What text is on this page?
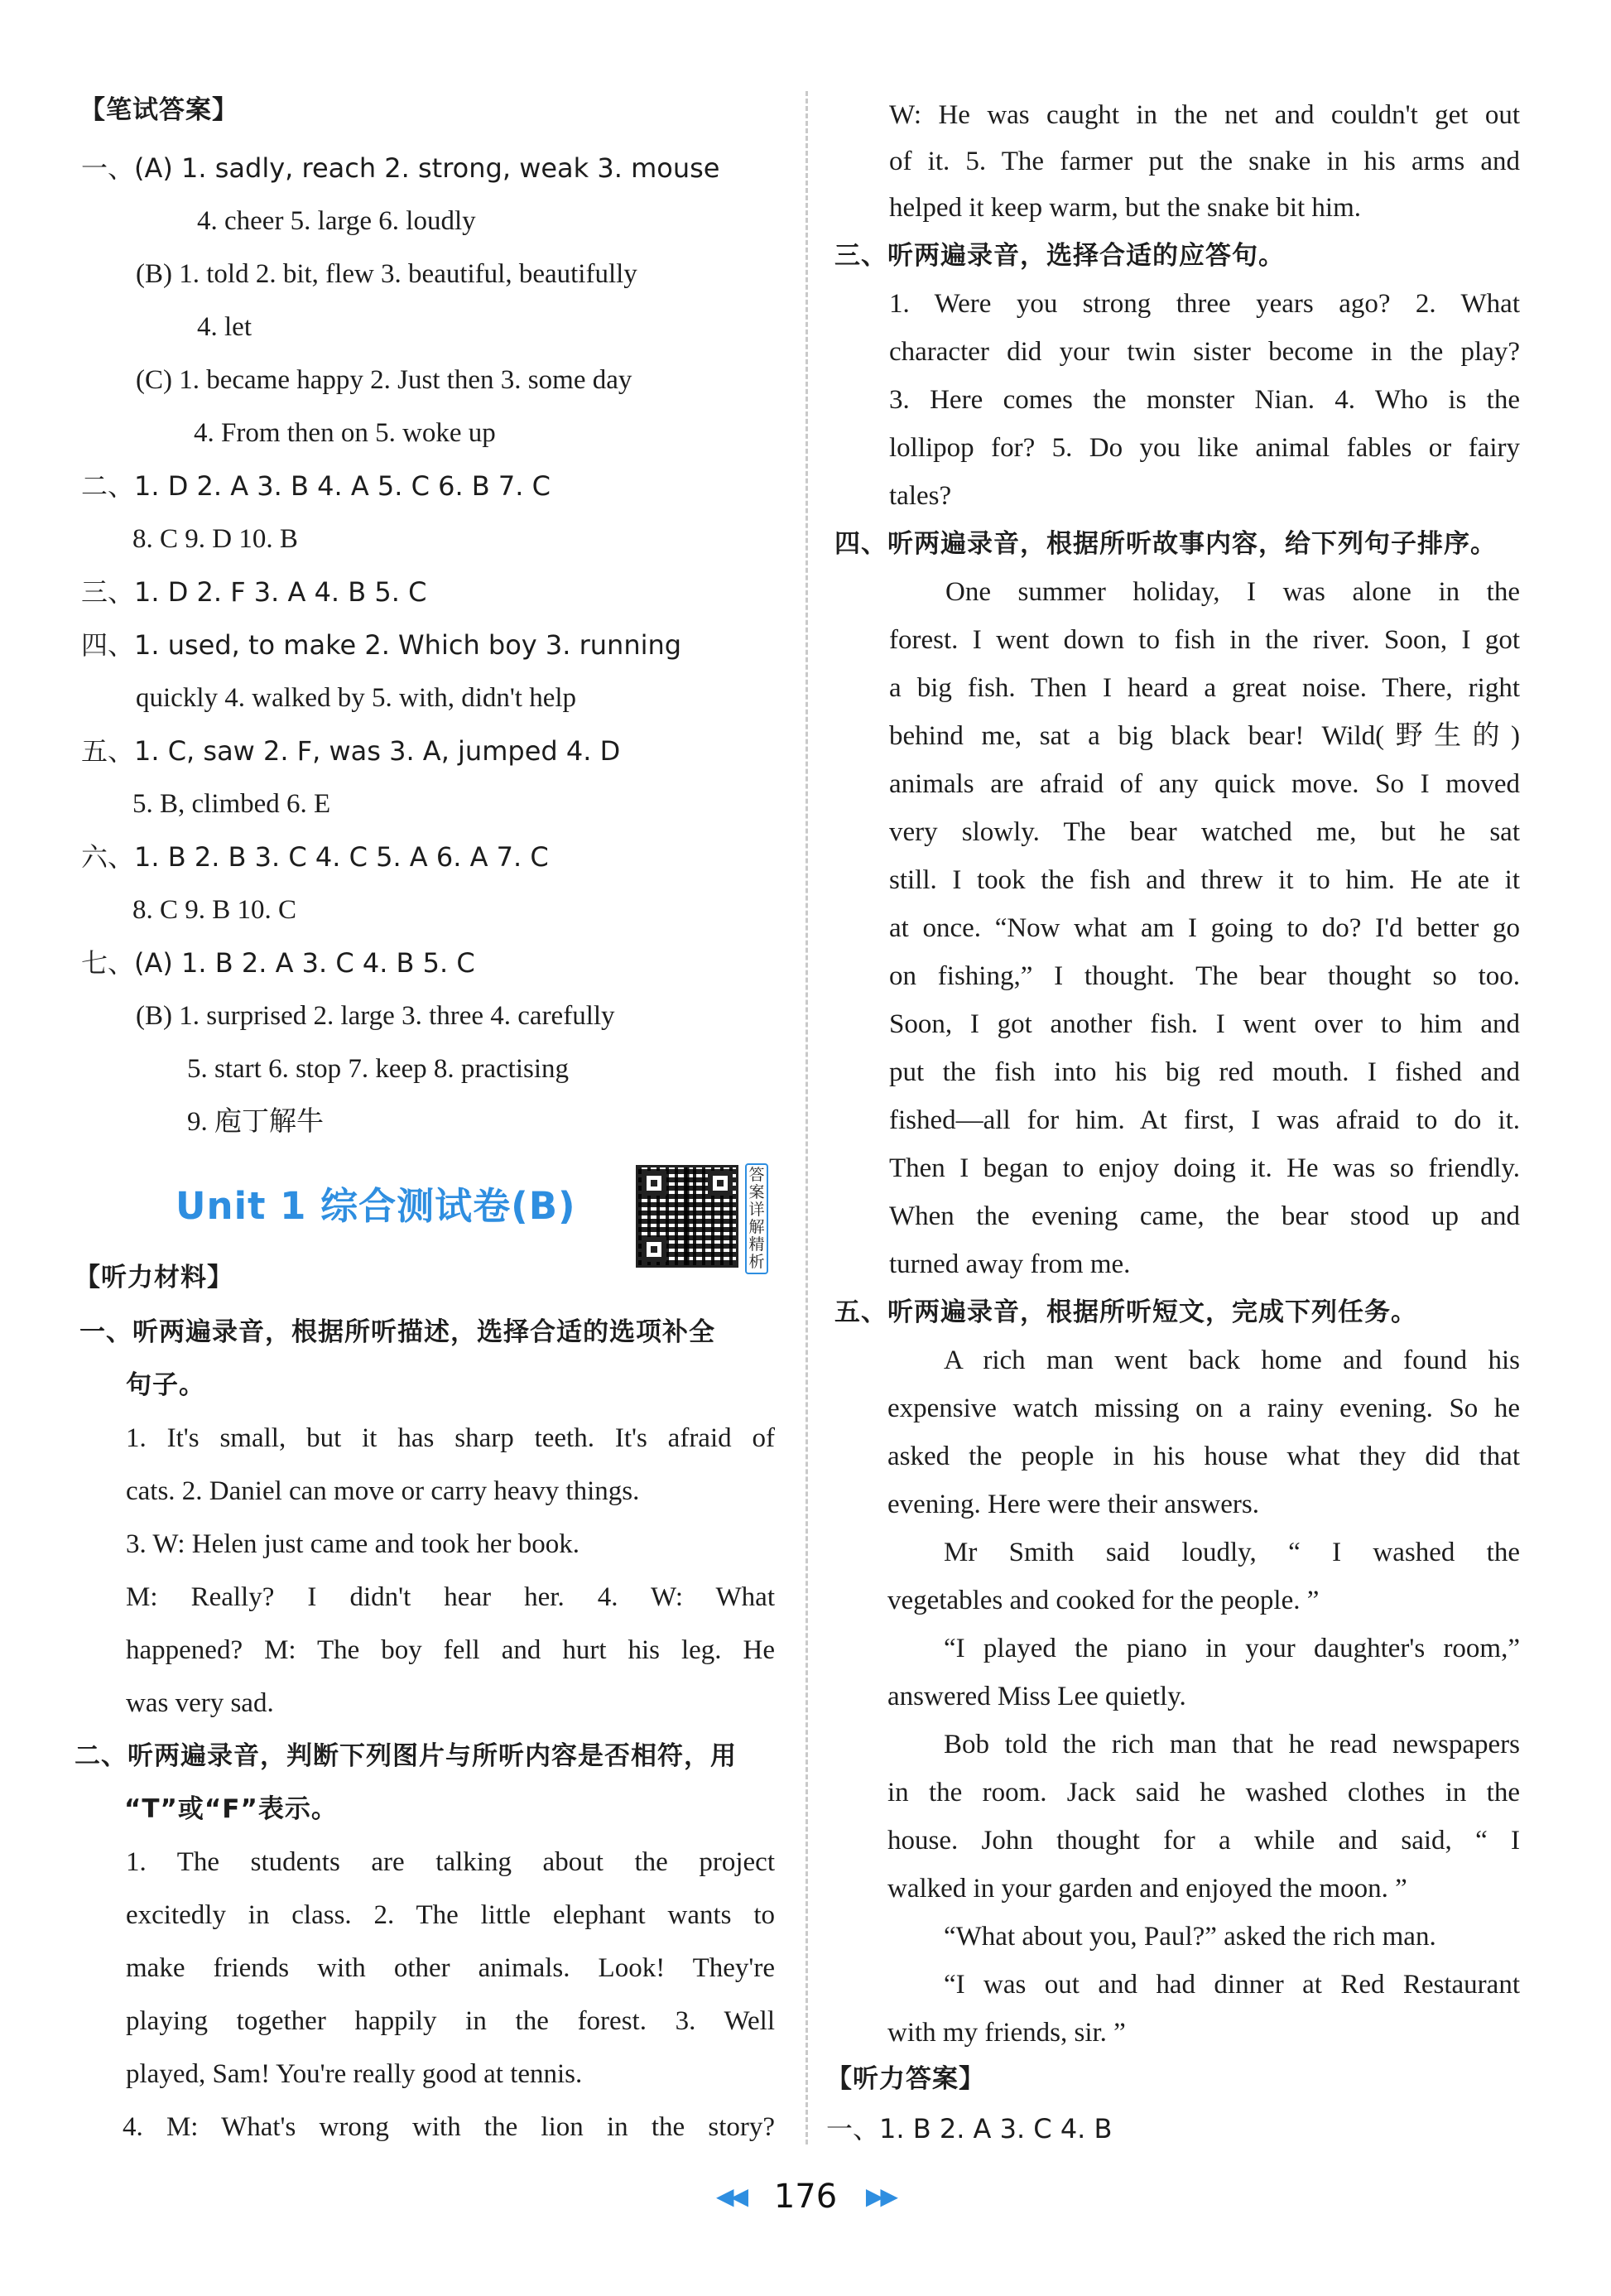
【笔试答案】
一、(A) 1. sadly, reach 2. strong, weak 3. mouse
4. cheer 5. large 6. loudly
(B) 1. told 2. bit, flew 3. beautiful, beautifully
4. let
(C) 1. became happy 2. Just then 3. some day
4. From then on 5. woke up
二、1. D 2. A 3. B 4. A 5. C 6. B 7. C
8. C 9. D 10. B
三、1. D 2. F 3. A 4. B 5. C
四、1. used, to make 2. Which boy 3. running
quickly 4. walked by 5. with, didn't help
五、1. C, saw 2. F, was 3. A, jumped 4. D
5. B, climbed 6. E
六、1. B 2. B 3. C 4. C 5. A 6. A 7. C
8. C 9. B 10. C
七、(A) 1. B 2. A 3. C 4. B 5. C
(B) 1. surprised 2. large 3. three 4. carefully
5. start 6. stop 7. keep 8. practising
9. 庖丁解牛
Unit 1 综合测试卷(B)
答案详解精析
【听力材料】
一、听两遍录音，根据所听描述，选择合适的选项补全
句子。
1. It's small, but it has sharp teeth. It's afraid of
cats. 2. Daniel can move or carry heavy things.
3. W: Helen just came and took her book.
M: Really? I didn't hear her. 4. W: What
happened? M: The boy fell and hurt his leg. He
was very sad.
二、听两遍录音，判断下列图片与所听内容是否相符，用
“T”或“F”表示。
1. The students are talking about the project
excitedly in class. 2. The little elephant wants to
make friends with other animals. Look! They're
playing together happily in the forest. 3. Well
played, Sam! You're really good at tennis.
4. M: What's wrong with the lion in the story?
W: He was caught in the net and couldn't get out
of it. 5. The farmer put the snake in his arms and
helped it keep warm, but the snake bit him.
三、听两遍录音，选择合适的应答句。
1. Were you strong three years ago? 2. What
character did your twin sister become in the play?
3. Here comes the monster Nian. 4. Who is the
lollipop for? 5. Do you like animal fables or fairy
tales?
四、听两遍录音，根据所听故事内容，给下列句子排序。
One summer holiday, I was alone in the
forest. I went down to fish in the river. Soon, I got
a big fish. Then I heard a great noise. There, right
behind me, sat a big black bear! Wild(野生的)
animals are afraid of any quick move. So I moved
very slowly. The bear watched me, but he sat
still. I took the fish and threw it to him. He ate it
at once. “Now what am I going to do? I'd better go
on fishing,” I thought. The bear thought so too.
Soon, I got another fish. I went over to him and
put the fish into his big red mouth. I fished and
fished—all for him. At first, I was afraid to do it.
Then I began to enjoy doing it. He was so friendly.
When the evening came, the bear stood up and
turned away from me.
五、听两遍录音，根据所听短文，完成下列任务。
A rich man went back home and found his
expensive watch missing on a rainy evening. So he
asked the people in his house what they did that
evening. Here were their answers.
Mr Smith said loudly, “ I washed the
vegetables and cooked for the people. ”
“I played the piano in your daughter's room,”
answered Miss Lee quietly.
Bob told the rich man that he read newspapers
in the room. Jack said he washed clothes in the
house. John thought for a while and said, “ I
walked in your garden and enjoyed the moon. ”
“What about you, Paul?” asked the rich man.
“I was out and had dinner at Red Restaurant
with my friends, sir. ”
【听力答案】
一、1. B 2. A 3. C 4. B
◀◀ 176 ▶▶
